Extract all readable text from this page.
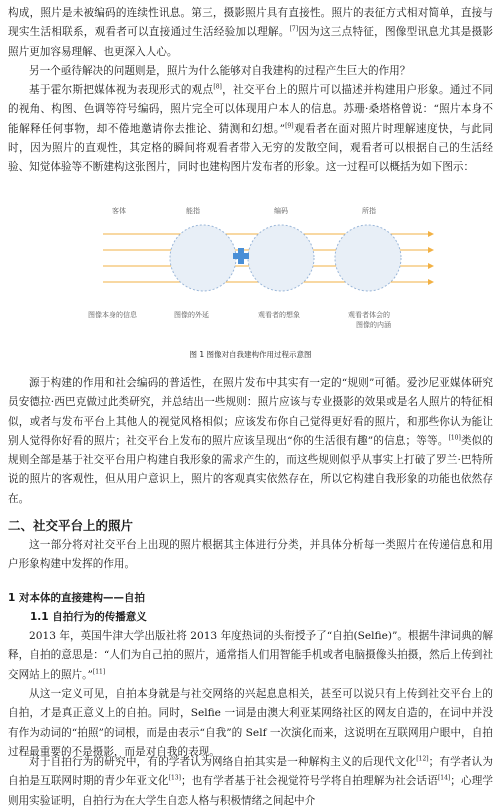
构成，照片是未被编码的连续性讯息。第三，摄影照片具有直接性。照片的表征方式相对简单，直接与现实生活相联系，观看者可以直接通过生活经验加以理解。[7]因为这三点特征，图像型讯息尤其是摄影照片更加容易理解、也更深入人心。

另一个亟待解决的问题则是，照片为什么能够对自我建构的过程产生巨大的作用？

基于霍尔斯把媒体视为表现形式的观点[8]，社交平台上的照片可以描述并构建用户形象。通过不同的视角、构图、色调等符号编码，照片完全可以体现用户本人的信息。苏珊·桑塔格曾说：“照片本身不能解释任何事物，却不倦地邀请你去推论、猜测和幻想。”[9]观看者在面对照片时理解速度快，与此同时，因为照片的直观性，其定格的瞬间将观看者带入无穷的发散空间，观看者可以根据自己的生活经验、知觉体验等不断建构这张图片，同时也建构图片发布者的形象。这一过程可以概括为如下图示：

客体	能指	编码	所指
图像本身的信息	图像的外延	观看者的想象	观看者体会的
图像的内涵
图 1 图像对自我建构作用过程示意图

源于构建的作用和社会编码的普适性，在照片发布中其实有一定的“规则”可循。爱沙尼亚媒体研究员安德拉·西巴克做过此类研究，并总结出一些规则：照片应该与专业摄影的效果或是名人照片的特征相似，或者与发布平台上其他人的视觉风格相似；应该发布你自己觉得更好看的照片，和那些你认为能让别人觉得你好看的照片；社交平台上发布的照片应该呈现出“你的生活很有趣”的信息；等等。[10]类似的规则全部是基于社交平台用户构建自我形象的需求产生的，而这些规则似乎从事实上打破了罗兰·巴特所说的照片的客观性，但从用户意识上，照片的客观真实依然存在，所以它构建自我形象的功能也依然存在。

二、社交平台上的照片

这一部分将对社交平台上出现的照片根据其主体进行分类，并具体分析每一类照片在传递信息和用户形象构建中发挥的作用。

1 对本体的直接建构——自拍
1.1 自拍行为的传播意义

2013 年，英国牛津大学出版社将 2013 年度热词的头衔授予了“自拍(Selfie)”。根据牛津词典的解释，自拍的意思是：“人们为自己拍的照片，通常指人们用智能手机或者电脑摄像头拍摄，然后上传到社交网站上的照片。”[11]

从这一定义可见，自拍本身就是与社交网络的兴起息息相关，甚至可以说只有上传到社交平台上的自拍，才是真正意义上的自拍。同时，Selfie 一词是由澳大利亚某网络社区的网友自造的，在词中并没有作为动词的“拍照”的词根，而是由表示“自我”的 Self 一次演化而来，这说明在互联网用户眼中，自拍过程最重要的不是摄影，而是对自我的表现。

对于自拍行为的研究中，有的学者认为网络自拍其实是一种解构主义的后现代文化[12]；有学者认为自拍是互联网时期的青少年亚文化[13]；也有学者基于社会视觉符号学将自拍理解为社会话语[14]；心理学则用实验证明，自拍行为在大学生自恋人格与积极情绪之间起中介
